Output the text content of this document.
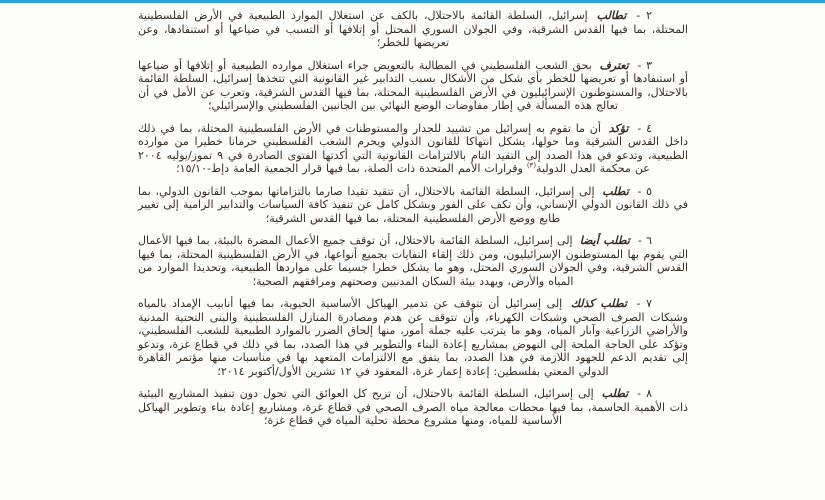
٢ - تطالب إسرائيل، السلطة القائمة بالاحتلال، بالكف عن استغلال الموارد الطبيعية في الأرض الفلسطينية المحتلة، بما فيها القدس الشرقية، وفي الجولان السوري المحتل أو إتلافها أو التسبب في ضياعها أو استنفادها، وعن تعريضها للخطر؛

٣ - تعترف بحق الشعب الفلسطيني في المطالبة بالتعويض جراء استغلال موارده الطبيعية أو إتلافها أو ضياعها أو استنفادها أو تعريضها للخطر بأي شكل من الأشكال بسبب التدابير غير القانونية التي تتخذها إسرائيل، السلطة القائمة بالاحتلال، والمستوطنون الإسرائيليون في الأرض الفلسطينية المحتلة، بما فيها القدس الشرقية، وتعرب عن الأمل في أن تعالج هذه المسألة في إطار مفاوضات الوضع النهائي بين الجانبين الفلسطيني والإسرائيلي؛

٤ - تؤكد أن ما تقوم به إسرائيل من تشييد للجدار والمستوطنات في الأرض الفلسطينية المحتلة، بما في ذلك داخل القدس الشرقية وما حولها، يشكل انتهاكا للقانون الدولي ويحرم الشعب الفلسطيني حرمانا خطيرا من موارده الطبيعية، وتدعو في هذا الصدد إلى التقيد التام بالالتزامات القانونية التي أكدتها الفتوى الصادرة في ٩ تموز/يوليه ٢٠٠٤ عن محكمة العدل الدولية$^{(٣)}$ وقرارات الأمم المتحدة ذات الصلة، بما فيها قرار الجمعية العامة دإط-١٥/١٠؛

٥ - تطلب إلى إسرائيل، السلطة القائمة بالاحتلال، أن تتقيد تقيدا صارما بالتزاماتها بموجب القانون الدولي، بما في ذلك القانون الدولي الإنساني، وأن تكف على الفور وبشكل كامل عن تنفيذ كافة السياسات والتدابير الرامية إلى تغيير طابع ووضع الأرض الفلسطينية المحتلة، بما فيها القدس الشرقية؛

٦ - تطلب أيضا إلى إسرائيل، السلطة القائمة بالاحتلال، أن توقف جميع الأعمال المضرة بالبيئة، بما فيها الأعمال التي يقوم بها المستوطنون الإسرائيليون، ومن ذلك إلقاء النفايات بجميع أنواعها، في الأرض الفلسطينية المحتلة، بما فيها القدس الشرقية، وفي الجولان السوري المحتل، وهو ما يشكل خطرا جسيما على مواردها الطبيعية، وتحديدا الموارد من المياه والأرض، ويهدد بيئة السكان المدنيين وصحتهم ومرافقهم الصحية؛

٧ - تطلب كذلك إلى إسرائيل أن تتوقف عن تدمير الهياكل الأساسية الحيوية، بما فيها أنابيب الإمداد بالمياه وشبكات الصرف الصحي وشبكات الكهرباء، وأن تتوقف عن هدم ومصادرة المنازل الفلسطينية والبنى التحتية المدنية والأراضي الزراعية وآبار المياه، وهو ما يترتب عليه جملة أمور، منها إلحاق الضرر بالموارد الطبيعية للشعب الفلسطيني، وتؤكد على الحاجة الملحة إلى النهوض بمشاريع إعادة البناء والتطوير في هذا الصدد، بما في ذلك في قطاع غزة، وتدعو إلى تقديم الدعم للجهود اللازمة في هذا الصدد، بما يتفق مع الالتزامات المتعهد بها في مناسبات منها مؤتمر القاهرة الدولي المعني بفلسطين: إعادة إعمار غزة، المعقود في ١٢ تشرين الأول/أكتوبر ٢٠١٤؛

٨ - تطلب إلى إسرائيل، السلطة القائمة بالاحتلال، أن تزيح كل العوائق التي تحول دون تنفيذ المشاريع البيئية ذات الأهمية الحاسمة، بما فيها محطات معالجة مياه الصرف الصحي في قطاع غزة، ومشاريع إعادة بناء وتطوير الهياكل الأساسية للمياه، ومنها مشروع محطة تحلية المياه في قطاع غزة؛
